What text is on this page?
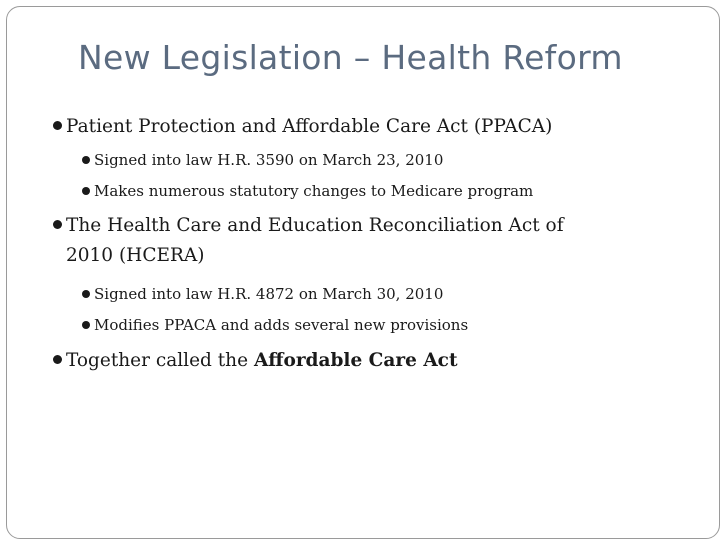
New Legislation – Health Reform
Patient Protection and Affordable Care Act (PPACA)
Signed into law H.R. 3590 on March 23, 2010
Makes numerous statutory changes to Medicare program
The Health Care and Education Reconciliation Act of
2010 (HCERA)
Signed into law H.R. 4872 on March 30, 2010
Modifies PPACA and adds several new provisions
Together called the Affordable Care Act
